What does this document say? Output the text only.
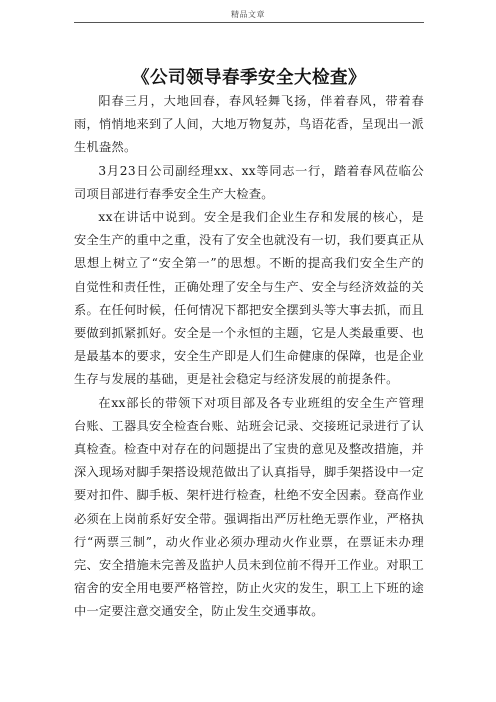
精品文章
《公司领导春季安全大检查》

阳春三月，大地回春，春风轻舞飞扬，伴着春风，带着春雨，悄悄地来到了人间，大地万物复苏，鸟语花香，呈现出一派生机盎然。

3月23日公司副经理xx、xx等同志一行，踏着春风莅临公司项目部进行春季安全生产大检查。

xx在讲话中说到。安全是我们企业生存和发展的核心，是安全生产的重中之重，没有了安全也就没有一切，我们要真正从思想上树立了“安全第一”的思想。不断的提高我们安全生产的自觉性和责任性，正确处理了安全与生产、安全与经济效益的关系。在任何时候，任何情况下都把安全摆到头等大事去抓，而且要做到抓紧抓好。安全是一个永恒的主题，它是人类最重要、也是最基本的要求，安全生产即是人们生命健康的保障，也是企业生存与发展的基础，更是社会稳定与经济发展的前提条件。

在xx部长的带领下对项目部及各专业班组的安全生产管理台账、工器具安全检查台账、站班会记录、交接班记录进行了认真检查。检查中对存在的问题提出了宝贵的意见及整改措施，并深入现场对脚手架搭设规范做出了认真指导，脚手架搭设中一定要对扣件、脚手板、架杆进行检查，杜绝不安全因素。登高作业必须在上岗前系好安全带。强调指出严厉杜绝无票作业，严格执行“两票三制”，动火作业必须办理动火作业票，在票证未办理完、安全措施未完善及监护人员未到位前不得开工作业。对职工宿舍的安全用电要严格管控，防止火灾的发生，职工上下班的途中一定要注意交通安全，防止发生交通事故。
